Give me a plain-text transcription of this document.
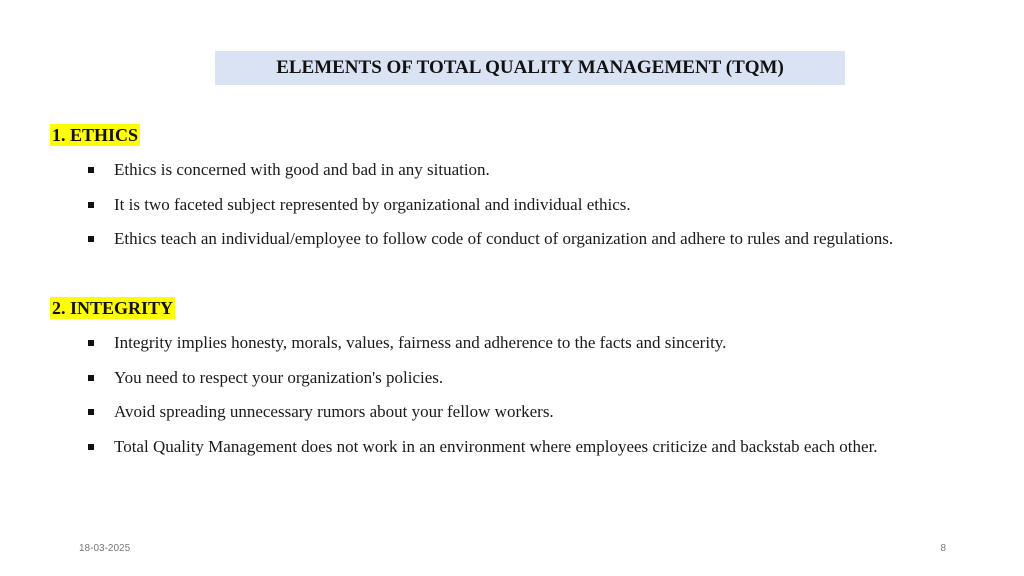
ELEMENTS OF TOTAL QUALITY MANAGEMENT (TQM)
1. ETHICS
Ethics is concerned with good and bad in any situation.
It is two faceted subject represented by organizational and individual ethics.
Ethics teach an individual/employee to follow code of conduct of organization and adhere to rules and regulations.
2. INTEGRITY
Integrity implies honesty, morals, values, fairness and adherence to the facts and sincerity.
You need to respect your organization's policies.
Avoid spreading unnecessary rumors about your fellow workers.
Total Quality Management does not work in an environment where employees criticize and backstab each other.
18-03-2025	8
